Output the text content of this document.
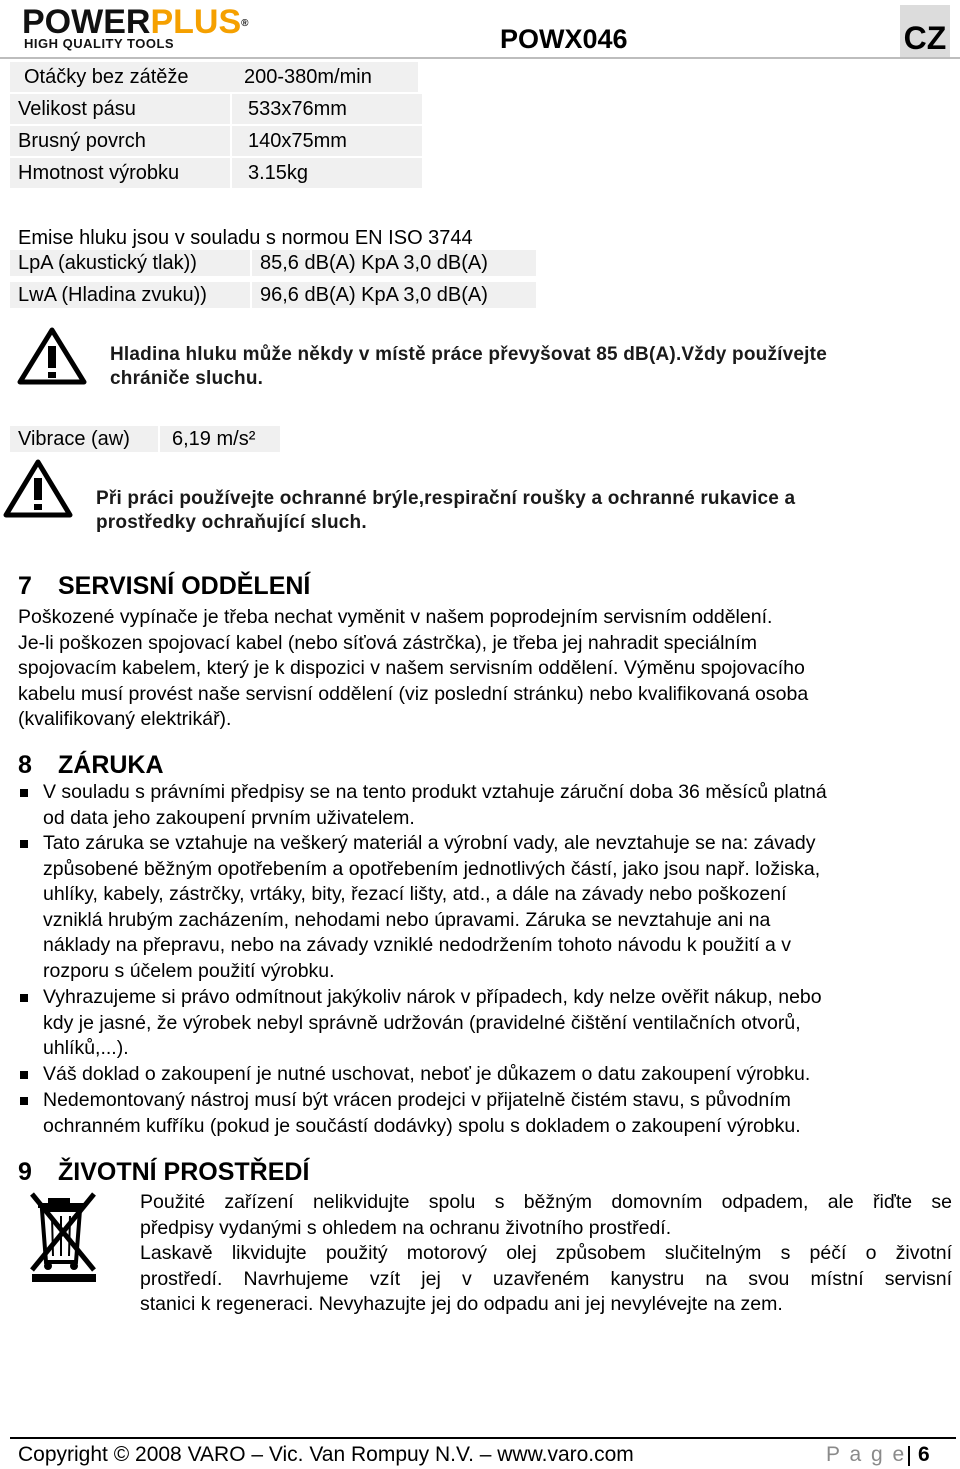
POWERPLUS®
HIGH QUALITY TOOLS	POWX046	CZ
Otáčky bez zátěže	200-380m/min
Velikost pásu	533x76mm
Brusný povrch	140x75mm
Hmotnost výrobku	3.15kg
Emise hluku jsou v souladu s normou EN ISO 3744
LpA (akustický tlak))	85,6 dB(A) KpA 3,0 dB(A)
LwA (Hladina zvuku))	96,6 dB(A) KpA 3,0 dB(A)
Hladina hluku může někdy v místě práce převyšovat 85 dB(A).Vždy používejte
chrániče sluchu.
Vibrace (aw)	6,19 m/s²
Při práci používejte ochranné brýle,respirační roušky a ochranné rukavice a
prostředky ochraňující sluch.
7 SERVISNÍ ODDĚLENÍ
Poškozené vypínače je třeba nechat vyměnit v našem poprodejním servisním oddělení.
Je-li poškozen spojovací kabel (nebo síťová zástrčka), je třeba jej nahradit speciálním
spojovacím kabelem, který je k dispozici v našem servisním oddělení. Výměnu spojovacího
kabelu musí provést naše servisní oddělení (viz poslední stránku) nebo kvalifikovaná osoba
(kvalifikovaný elektrikář).
8 ZÁRUKA
V souladu s právními předpisy se na tento produkt vztahuje záruční doba 36 měsíců platná
od data jeho zakoupení prvním uživatelem.
Tato záruka se vztahuje na veškerý materiál a výrobní vady, ale nevztahuje se na: závady
způsobené běžným opotřebením a opotřebením jednotlivých částí, jako jsou např. ložiska,
uhlíky, kabely, zástrčky, vrtáky, bity, řezací lišty, atd., a dále na závady nebo poškození
vzniklá hrubým zacházením, nehodami nebo úpravami. Záruka se nevztahuje ani na
náklady na přepravu, nebo na závady vzniklé nedodržením tohoto návodu k použití a v
rozporu s účelem použití výrobku.
Vyhrazujeme si právo odmítnout jakýkoliv nárok v případech, kdy nelze ověřit nákup, nebo
kdy je jasné, že výrobek nebyl správně udržován (pravidelné čištění ventilačních otvorů,
uhlíků,...).
Váš doklad o zakoupení je nutné uschovat, neboť je důkazem o datu zakoupení výrobku.
Nedemontovaný nástroj musí být vrácen prodejci v přijatelně čistém stavu, s původním
ochranném kufříku (pokud je součástí dodávky) spolu s dokladem o zakoupení výrobku.
9 ŽIVOTNÍ PROSTŘEDÍ
Použité zařízení nelikvidujte spolu s běžným domovním odpadem, ale řiďte se
předpisy vydanými s ohledem na ochranu životního prostředí.
Laskavě likvidujte použitý motorový olej způsobem slučitelným s péčí o životní
prostředí. Navrhujeme vzít jej v uzavřeném kanystru na svou místní servisní
stanici k regeneraci. Nevyhazujte jej do odpadu ani jej nevylévejte na zem.
Copyright © 2008 VARO – Vic. Van Rompuy N.V. – www.varo.com	P a g e 6
